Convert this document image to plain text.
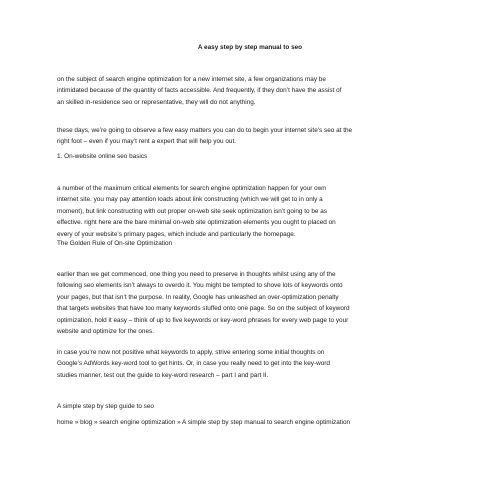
A easy step by step manual to seo

on the subject of search engine optimization for a new internet site, a few organizations may be
intimidated because of the quantity of facts accessible. And frequently, if they don’t have the assist of
an skilled in-residence seo or representative, they will do not anything.

these days, we’re going to observe a few easy matters you can do to begin your internet site’s seo at the
right foot – even if you may’t rent a expert that will help you out.

1. On-website online seo basics

a number of the maximum critical elements for search engine optimization happen for your own
internet site. you may pay attention loads about link constructing (which we will get to in only a
moment), but link constructing with out proper on-web site seek optimization isn’t going to be as
effective. right here are the bare minimal on-web site optimization elements you ought to placed on
every of your website’s primary pages, which include and particularly the homepage.

The Golden Rule of On-site Optimization

earlier than we get commenced, one thing you need to preserve in thoughts whilst using any of the
following seo elements isn’t always to overdo it. You might be tempted to shove lots of keywords onto
your pages, but that isn’t the purpose. In reality, Google has unleashed an over-optimization penalty
that targets websites that have too many keywords stuffed onto one page. So on the subject of keyword
optimization, hold it easy – think of up to five keywords or key-word phrases for every web page to your
website and optimize for the ones.

in case you’re now not positive what keywords to apply, strive entering some initial thoughts on
Google’s AdWords key-word tool to get hints. Or, in case you really need to get into the key-word
studies manner, test out the guide to key-word research – part I and part II.

A simple step by step guide to seo

home » blog » search engine optimization » A simple step by step manual to search engine optimization
